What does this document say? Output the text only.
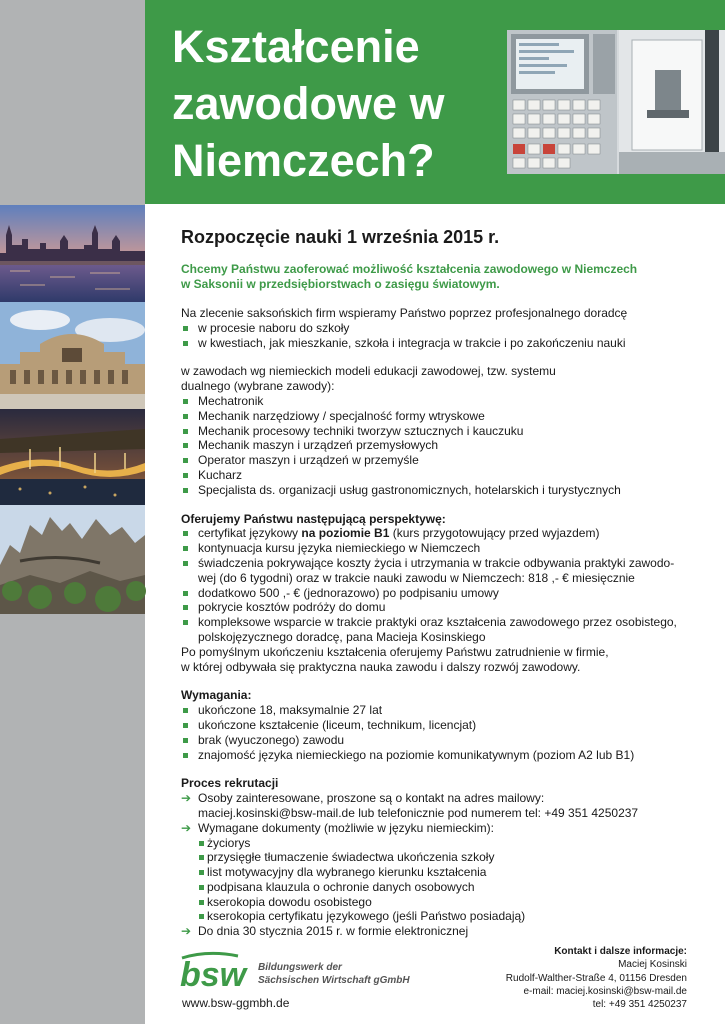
Kształcenie
zawodowe w
Niemczech?
Rozpoczęcie nauki 1 września 2015 r.

Chcemy Państwu zaoferować możliwość kształcenia zawodowego w Niemczech
w Saksonii w przedsiębiorstwach o zasięgu światowym.

Na zlecenie saksońskich firm wspieramy Państwo poprzez profesjonalnego doradcę

w procesie naboru do szkoły
w kwestiach, jak mieszkanie, szkoła i integracja w trakcie i po zakończeniu nauki

w zawodach wg niemieckich modeli edukacji zawodowej, tzw. systemu
dualnego (wybrane zawody):

Mechatronik
Mechanik narzędziowy / specjalność formy wtryskowe
Mechanik procesowy techniki tworzyw sztucznych i kauczuku
Mechanik maszyn i urządzeń przemysłowych
Operator maszyn i urządzeń w przemyśle
Kucharz
Specjalista ds. organizacji usług gastronomicznych, hotelarskich i turystycznych

Oferujemy Państwu następującą perspektywę:

certyfikat językowy na poziomie B1 (kurs przygotowujący przed wyjazdem)
kontynuacja kursu języka niemieckiego w Niemczech
świadczenia pokrywające koszty życia i utrzymania w trakcie odbywania praktyki zawodo-
wej (do 6 tygodni) oraz w trakcie nauki zawodu w Niemczech: 818 ,- € miesięcznie
dodatkowo 500 ,- € (jednorazowo) po podpisaniu umowy
pokrycie kosztów podróży do domu
kompleksowe wsparcie w trakcie praktyki oraz kształcenia zawodowego przez osobistego,
polskojęzycznego doradcę, pana Macieja Kosinskiego

Po pomyślnym ukończeniu kształcenia oferujemy Państwu zatrudnienie w firmie,
w której odbywała się praktyczna nauka zawodu i dalszy rozwój zawodowy.

Wymagania:

ukończone 18, maksymalnie 27 lat
ukończone kształcenie (liceum, technikum, licencjat)
brak (wyuczonego) zawodu
znajomość języka niemieckiego na poziomie komunikatywnym (poziom A2 lub B1)

Proces rekrutacji

➔ Osoby zainteresowane, proszone są o kontakt na adres mailowy:
maciej.kosinski@bsw-mail.de lub telefonicznie pod numerem tel: +49 351 4250237
➔ Wymagane dokumenty (możliwie w języku niemieckim):
życiorys
przysięgłe tłumaczenie świadectwa ukończenia szkoły
list motywacyjny dla wybranego kierunku kształcenia
podpisana klauzula o ochronie danych osobowych
kserokopia dowodu osobistego
kserokopia certyfikatu językowego (jeśli Państwo posiadają)
➔ Do dnia 30 stycznia 2015 r. w formie elektronicznej
bsw Bildungswerk der
Sächsischen Wirtschaft gGmbH
www.bsw-ggmbh.de
Kontakt i dalsze informacje:
Maciej Kosinski
Rudolf-Walther-Straße 4, 01156 Dresden
e-mail: maciej.kosinski@bsw-mail.de
tel: +49 351 4250237
